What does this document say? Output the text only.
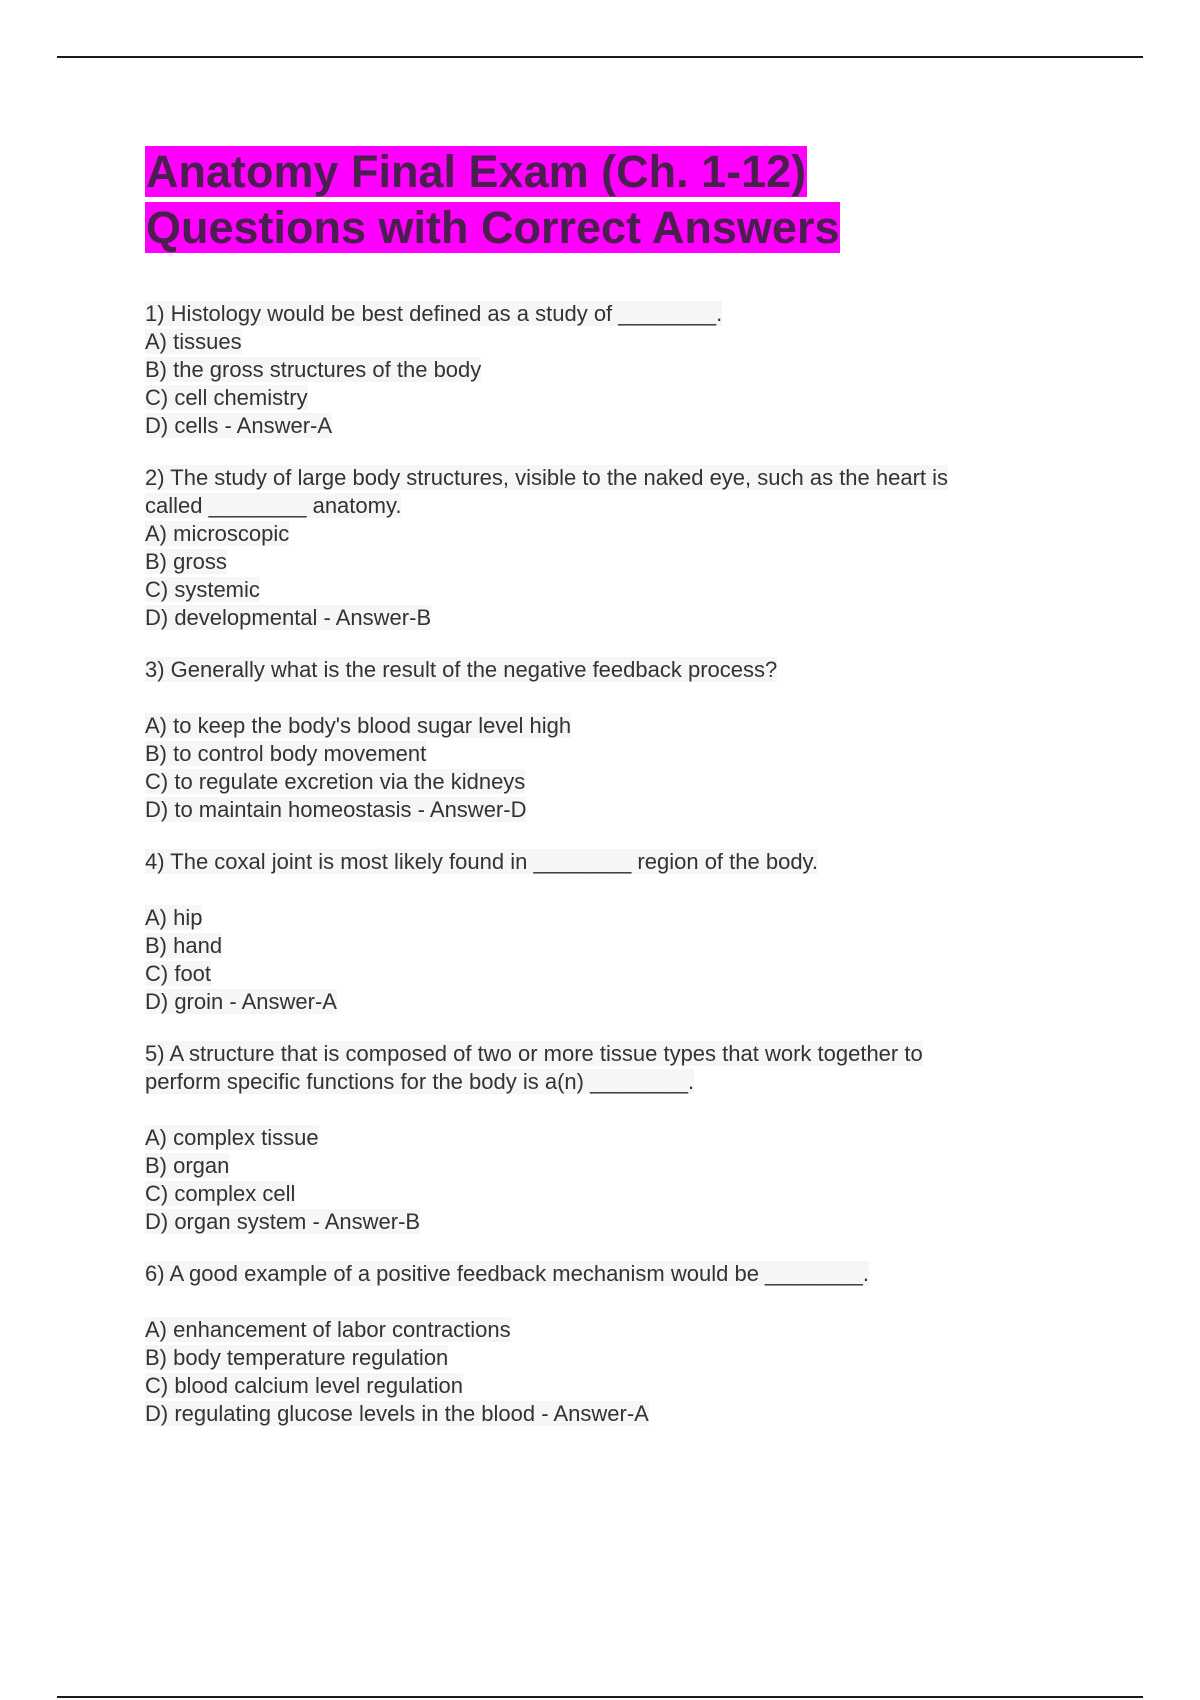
Anatomy Final Exam (Ch. 1-12)
Questions with Correct Answers
1) Histology would be best defined as a study of ________.
A) tissues
B) the gross structures of the body
C) cell chemistry
D) cells - Answer-A
2) The study of large body structures, visible to the naked eye, such as the heart is
called ________ anatomy.
A) microscopic
B) gross
C) systemic
D) developmental - Answer-B
3) Generally what is the result of the negative feedback process?
A) to keep the body's blood sugar level high
B) to control body movement
C) to regulate excretion via the kidneys
D) to maintain homeostasis - Answer-D
4) The coxal joint is most likely found in ________ region of the body.
A) hip
B) hand
C) foot
D) groin - Answer-A
5) A structure that is composed of two or more tissue types that work together to
perform specific functions for the body is a(n) ________.
A) complex tissue
B) organ
C) complex cell
D) organ system - Answer-B
6) A good example of a positive feedback mechanism would be ________.
A) enhancement of labor contractions
B) body temperature regulation
C) blood calcium level regulation
D) regulating glucose levels in the blood - Answer-A
